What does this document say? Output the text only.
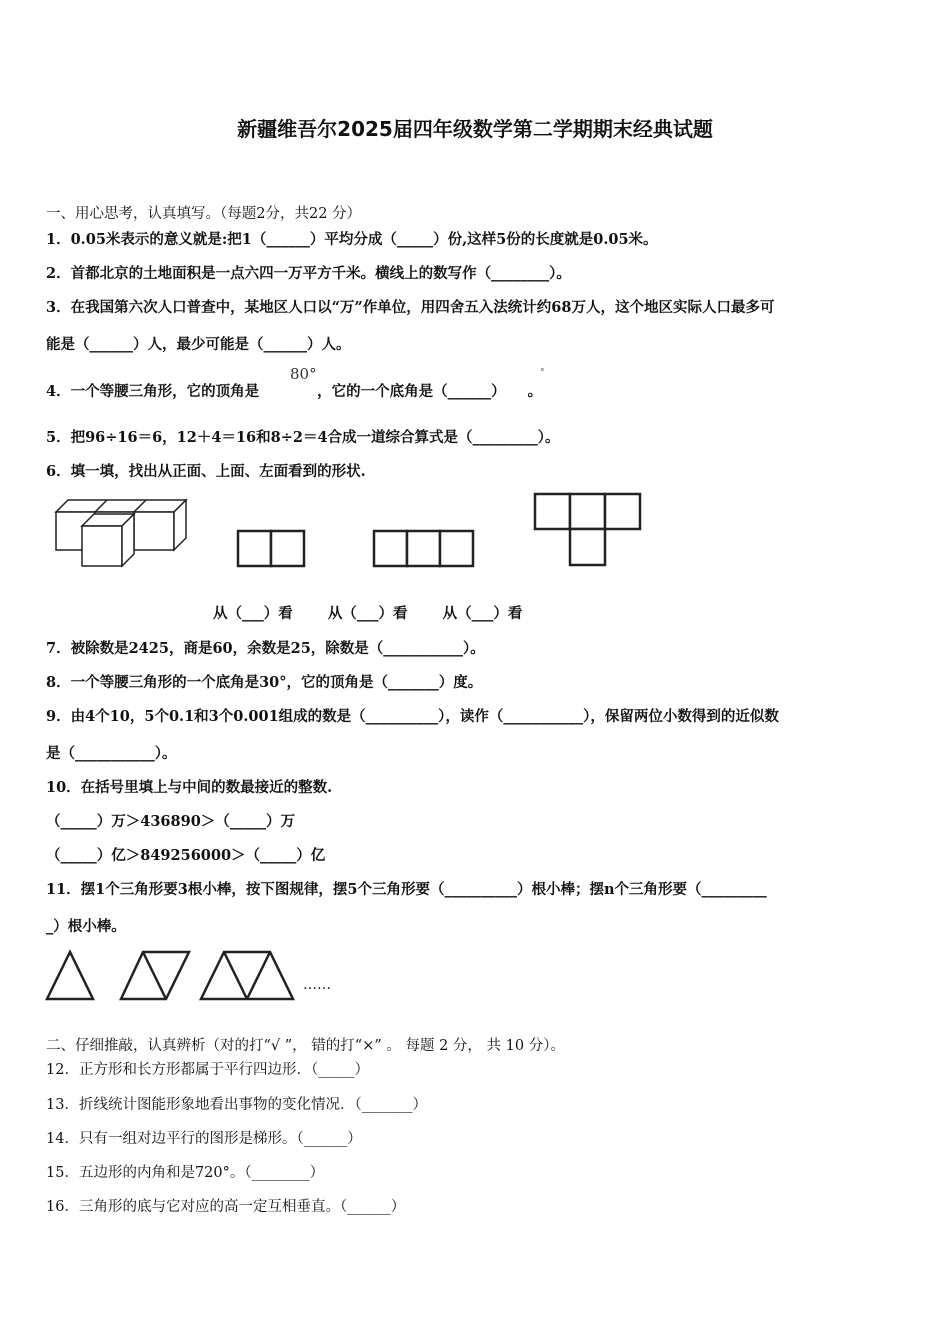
新疆维吾尔2025届四年级数学第二学期期末经典试题
一、用心思考，认真填写。（每题2分，共22 分）
1．0.05米表示的意义就是:把1（______）平均分成（_____）份,这样5份的长度就是0.05米。
2．首都北京的土地面积是一点六四一万平方千米。横线上的数写作（________）。
3．在我国第六次人口普查中，某地区人口以“万”作单位，用四舍五入法统计约68万人，这个地区实际人口最多可
能是（______）人，最少可能是（______）人。
4．一个等腰三角形，它的顶角是	，它的一个底角是（______） 。
80°	°
5．把96÷16＝6，12＋4＝16和8÷2＝4合成一道综合算式是（_________）。
6．填一填，找出从正面、上面、左面看到的形状.
从（___）看 从（___）看 从（___）看
7．被除数是2425，商是60，余数是25，除数是（___________）。
8．一个等腰三角形的一个底角是30°，它的顶角是（_______）度。
9．由4个10，5个0.1和3个0.001组成的数是（__________），读作（___________），保留两位小数得到的近似数
是（___________）。
10．在括号里填上与中间的数最接近的整数.
（_____）万＞436890＞（_____）万
（_____）亿＞849256000＞（_____）亿
11．摆1个三角形要3根小棒，按下图规律，摆5个三角形要（__________）根小棒；摆n个三角形要（_________
_）根小棒。
……
二、仔细推敲，认真辨析（对的打“√ ”， 错的打“×” 。 每题 2 分， 共 10 分）。
12．正方形和长方形都属于平行四边形．（_____）
13．折线统计图能形象地看出事物的变化情况．（_______）
14．只有一组对边平行的图形是梯形。（______）
15．五边形的内角和是720°。（________）
16．三角形的底与它对应的高一定互相垂直。（______）
